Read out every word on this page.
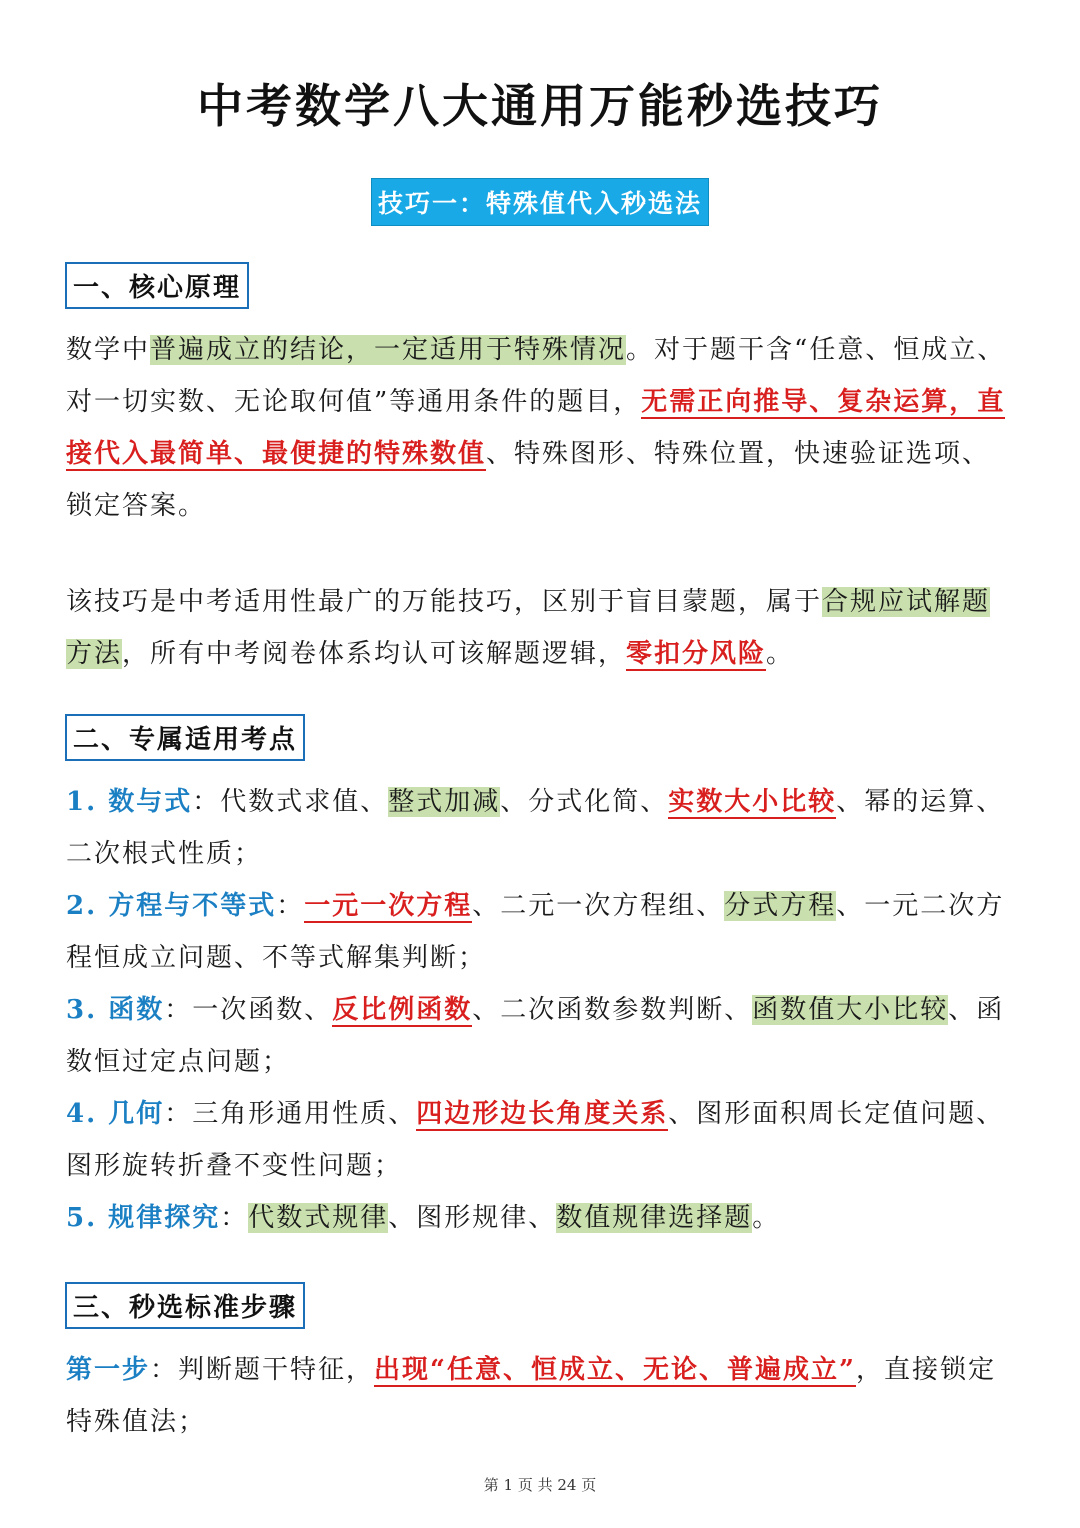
中考数学八大通用万能秒选技巧
技巧一：特殊值代入秒选法
一、核心原理
数学中普遍成立的结论，一定适用于特殊情况。对于题干含“任意、恒成立、对一切实数、无论取何值”等通用条件的题目，无需正向推导、复杂运算，直接代入最简单、最便捷的特殊数值、特殊图形、特殊位置，快速验证选项、锁定答案。
该技巧是中考适用性最广的万能技巧，区别于盲目蒙题，属于合规应试解题方法，所有中考阅卷体系均认可该解题逻辑，零扣分风险。
二、专属适用考点
1. 数与式：代数式求值、整式加减、分式化简、实数大小比较、幂的运算、二次根式性质；
2. 方程与不等式：一元一次方程、二元一次方程组、分式方程、一元二次方程恒成立问题、不等式解集判断；
3. 函数：一次函数、反比例函数、二次函数参数判断、函数值大小比较、函数恒过定点问题；
4. 几何：三角形通用性质、四边形边长角度关系、图形面积周长定值问题、图形旋转折叠不变性问题；
5. 规律探究：代数式规律、图形规律、数值规律选择题。
三、秒选标准步骤
第一步：判断题干特征，出现“任意、恒成立、无论、普遍成立”，直接锁定特殊值法；
第 1 页 共 24 页
